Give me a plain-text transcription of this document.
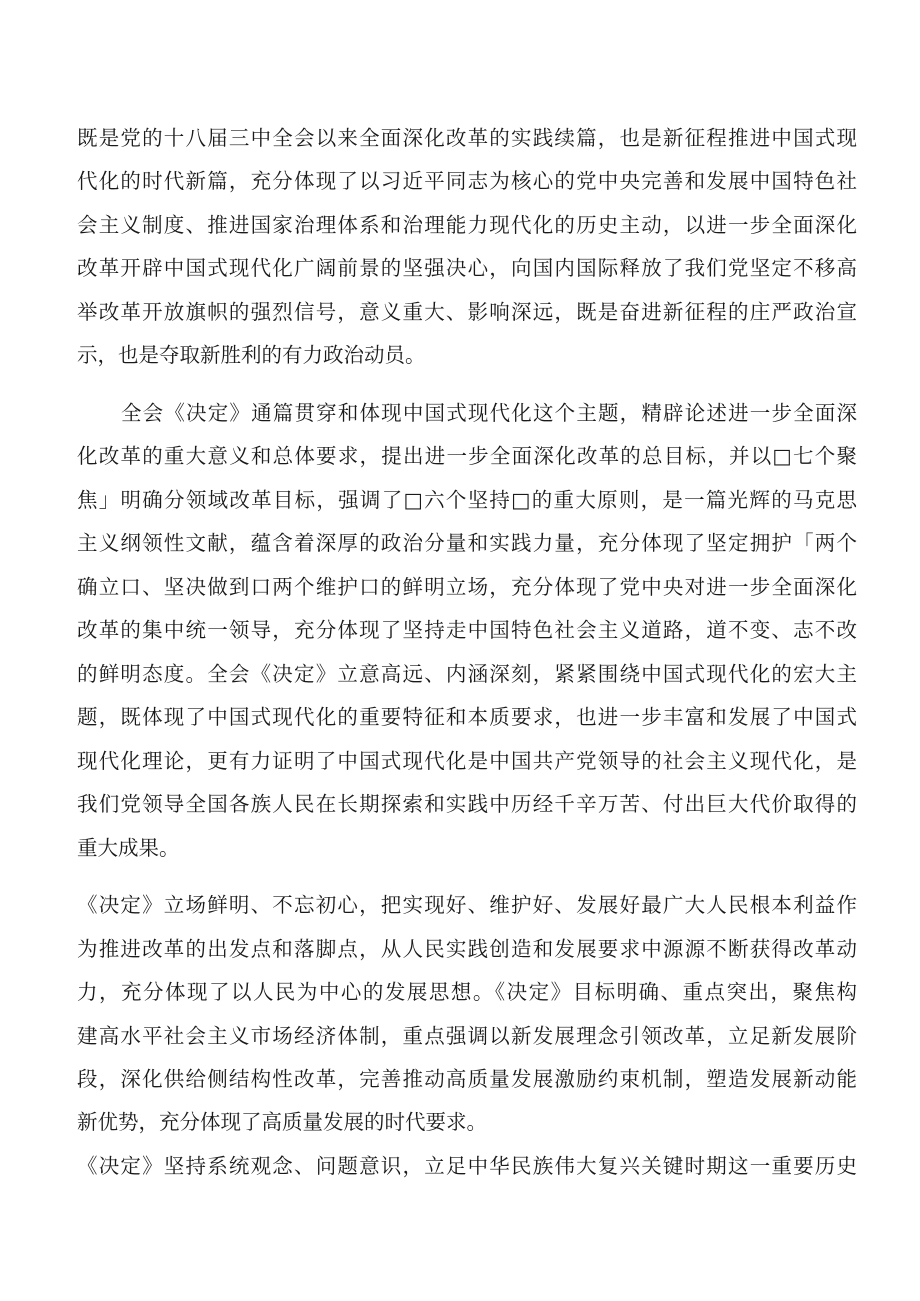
既是党的十八届三中全会以来全面深化改革的实践续篇，也是新征程推进中国式现
代化的时代新篇，充分体现了以习近平同志为核心的党中央完善和发展中国特色社
会主义制度、推进国家治理体系和治理能力现代化的历史主动，以进一步全面深化
改革开辟中国式现代化广阔前景的坚强决心，向国内国际释放了我们党坚定不移高
举改革开放旗帜的强烈信号，意义重大、影响深远，既是奋进新征程的庄严政治宣
示，也是夺取新胜利的有力政治动员。
全会《决定》通篇贯穿和体现中国式现代化这个主题，精辟论述进一步全面深
化改革的重大意义和总体要求，提出进一步全面深化改革的总目标，并以□七个聚
焦」明确分领域改革目标，强调了□六个坚持□的重大原则，是一篇光辉的马克思
主义纲领性文献，蕴含着深厚的政治分量和实践力量，充分体现了坚定拥护「两个
确立口、坚决做到口两个维护口的鲜明立场，充分体现了党中央对进一步全面深化
改革的集中统一领导，充分体现了坚持走中国特色社会主义道路，道不变、志不改
的鲜明态度。全会《决定》立意高远、内涵深刻，紧紧围绕中国式现代化的宏大主
题，既体现了中国式现代化的重要特征和本质要求，也进一步丰富和发展了中国式
现代化理论，更有力证明了中国式现代化是中国共产党领导的社会主义现代化，是
我们党领导全国各族人民在长期探索和实践中历经千辛万苦、付出巨大代价取得的
重大成果。
《决定》立场鲜明、不忘初心，把实现好、维护好、发展好最广大人民根本利益作
为推进改革的出发点和落脚点，从人民实践创造和发展要求中源源不断获得改革动
力，充分体现了以人民为中心的发展思想。《决定》目标明确、重点突出，聚焦构
建高水平社会主义市场经济体制，重点强调以新发展理念引领改革，立足新发展阶
段，深化供给侧结构性改革，完善推动高质量发展激励约束机制，塑造发展新动能
新优势，充分体现了高质量发展的时代要求。
《决定》坚持系统观念、问题意识，立足中华民族伟大复兴关键时期这一重要历史
